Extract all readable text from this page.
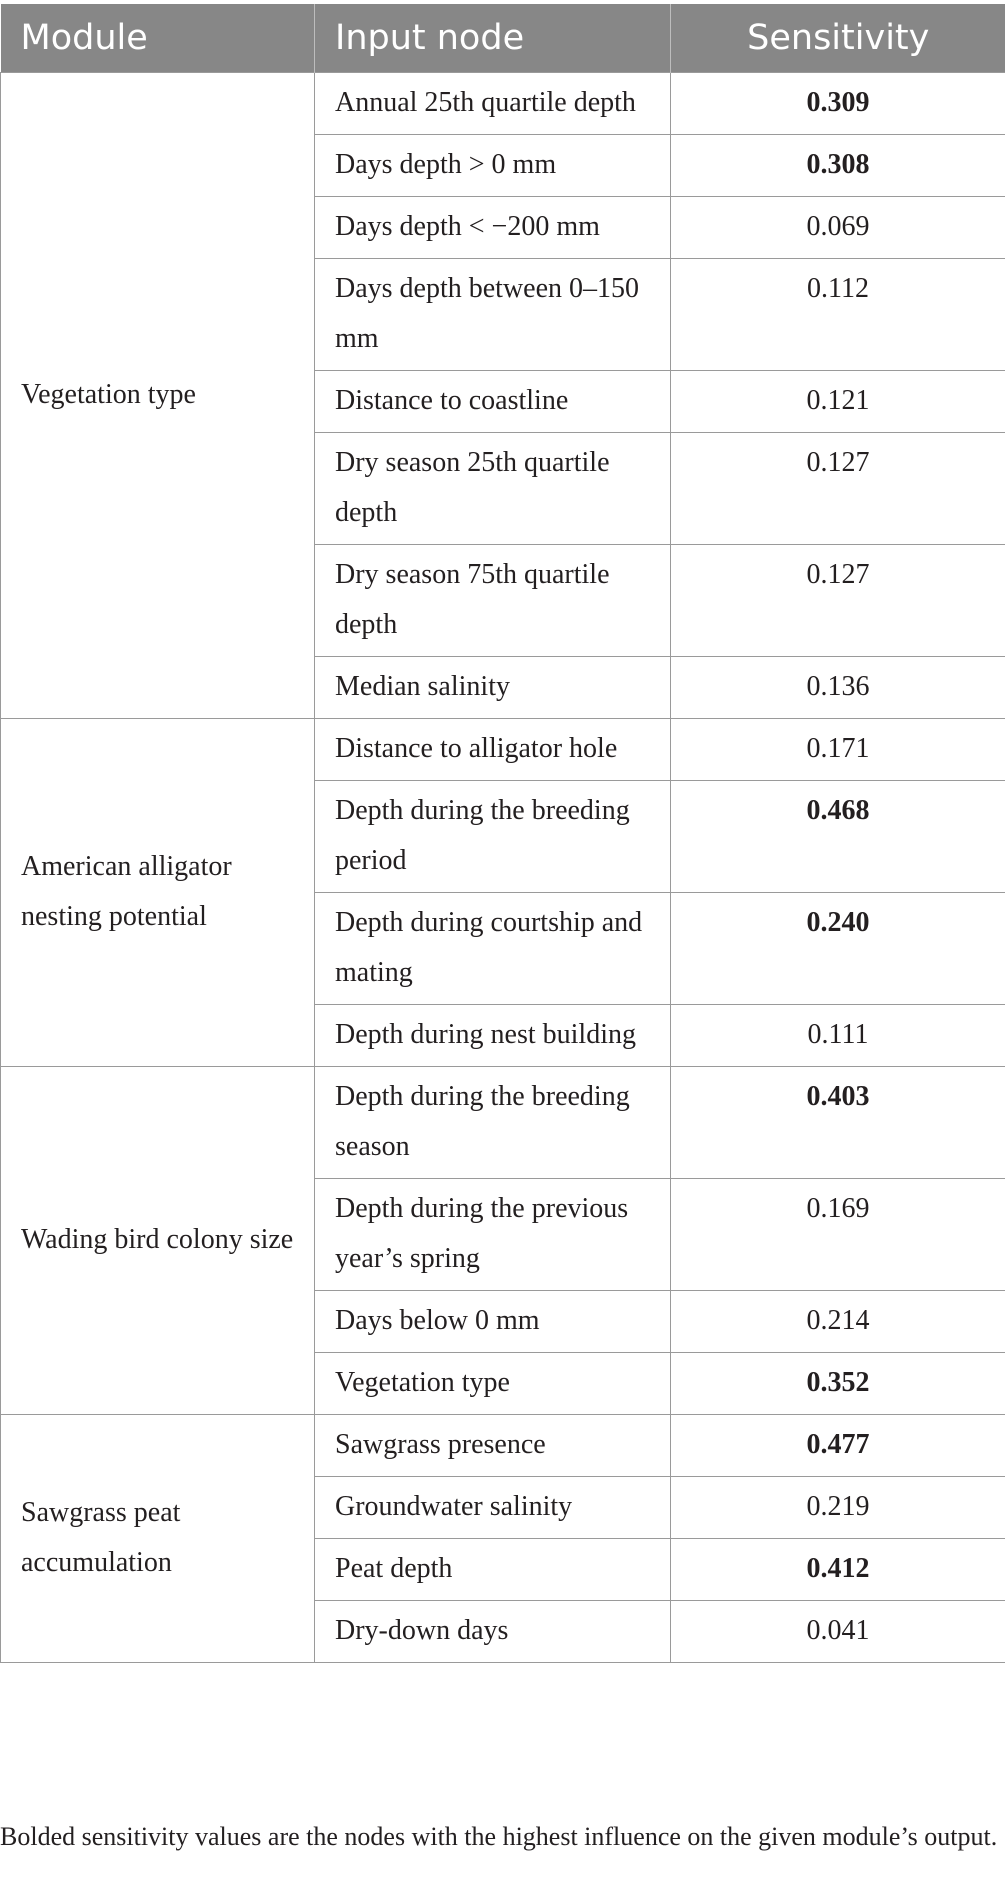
Module	Input node	Sensitivity
Vegetation type	Annual 25th quartile depth	0.309
	Days depth > 0 mm	0.308
	Days depth < −200 mm	0.069
	Days depth between 0–150 mm	0.112
	Distance to coastline	0.121
	Dry season 25th quartile depth	0.127
	Dry season 75th quartile depth	0.127
	Median salinity	0.136
American alligator nesting potential	Distance to alligator hole	0.171
	Depth during the breeding period	0.468
	Depth during courtship and mating	0.240
	Depth during nest building	0.111
Wading bird colony size	Depth during the breeding season	0.403
	Depth during the previous year’s spring	0.169
	Days below 0 mm	0.214
	Vegetation type	0.352
Sawgrass peat accumulation	Sawgrass presence	0.477
	Groundwater salinity	0.219
	Peat depth	0.412
	Dry-down days	0.041
Bolded sensitivity values are the nodes with the highest influence on the given module’s output.
